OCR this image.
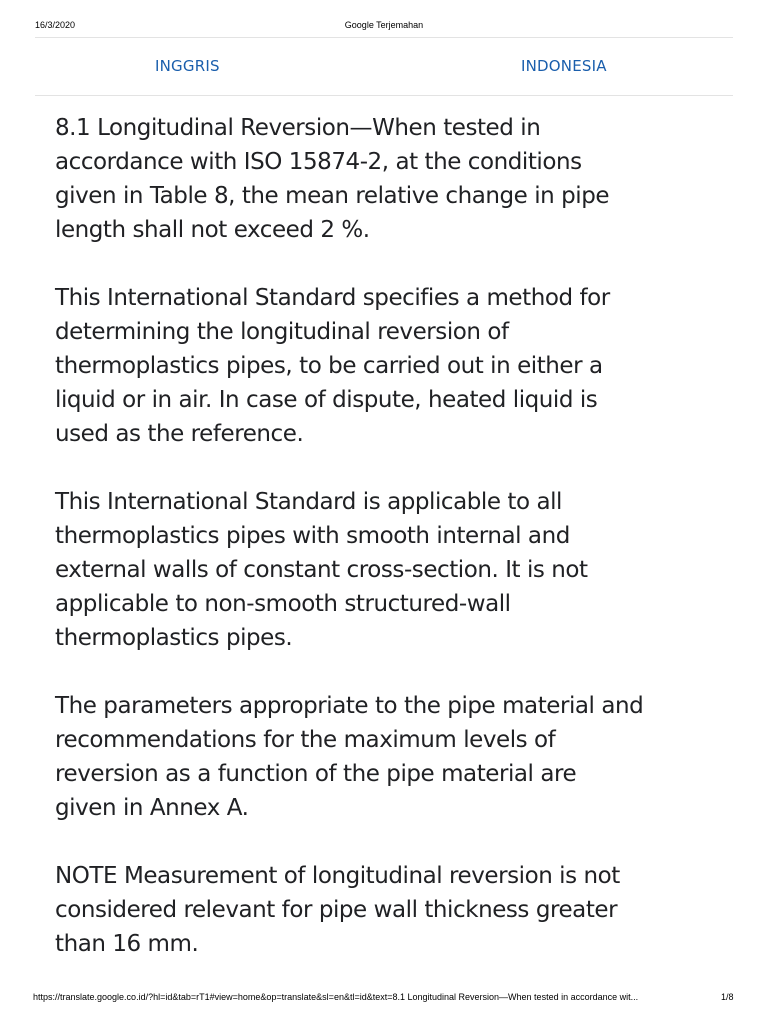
16/3/2020	Google Terjemahan
INGGRIS	INDONESIA

8.1 Longitudinal Reversion—When tested in
accordance with ISO 15874-2, at the conditions
given in Table 8, the mean relative change in pipe
length shall not exceed 2 %.

This International Standard specifies a method for
determining the longitudinal reversion of
thermoplastics pipes, to be carried out in either a
liquid or in air. In case of dispute, heated liquid is
used as the reference.

This International Standard is applicable to all
thermoplastics pipes with smooth internal and
external walls of constant cross-section. It is not
applicable to non-smooth structured-wall
thermoplastics pipes.

The parameters appropriate to the pipe material and
recommendations for the maximum levels of
reversion as a function of the pipe material are
given in Annex A.

NOTE Measurement of longitudinal reversion is not
considered relevant for pipe wall thickness greater
than 16 mm.

https://translate.google.co.id/?hl=id&tab=rT1#view=home&op=translate&sl=en&tl=id&text=8.1 Longitudinal Reversion—When tested in accordance wit...	1/8
